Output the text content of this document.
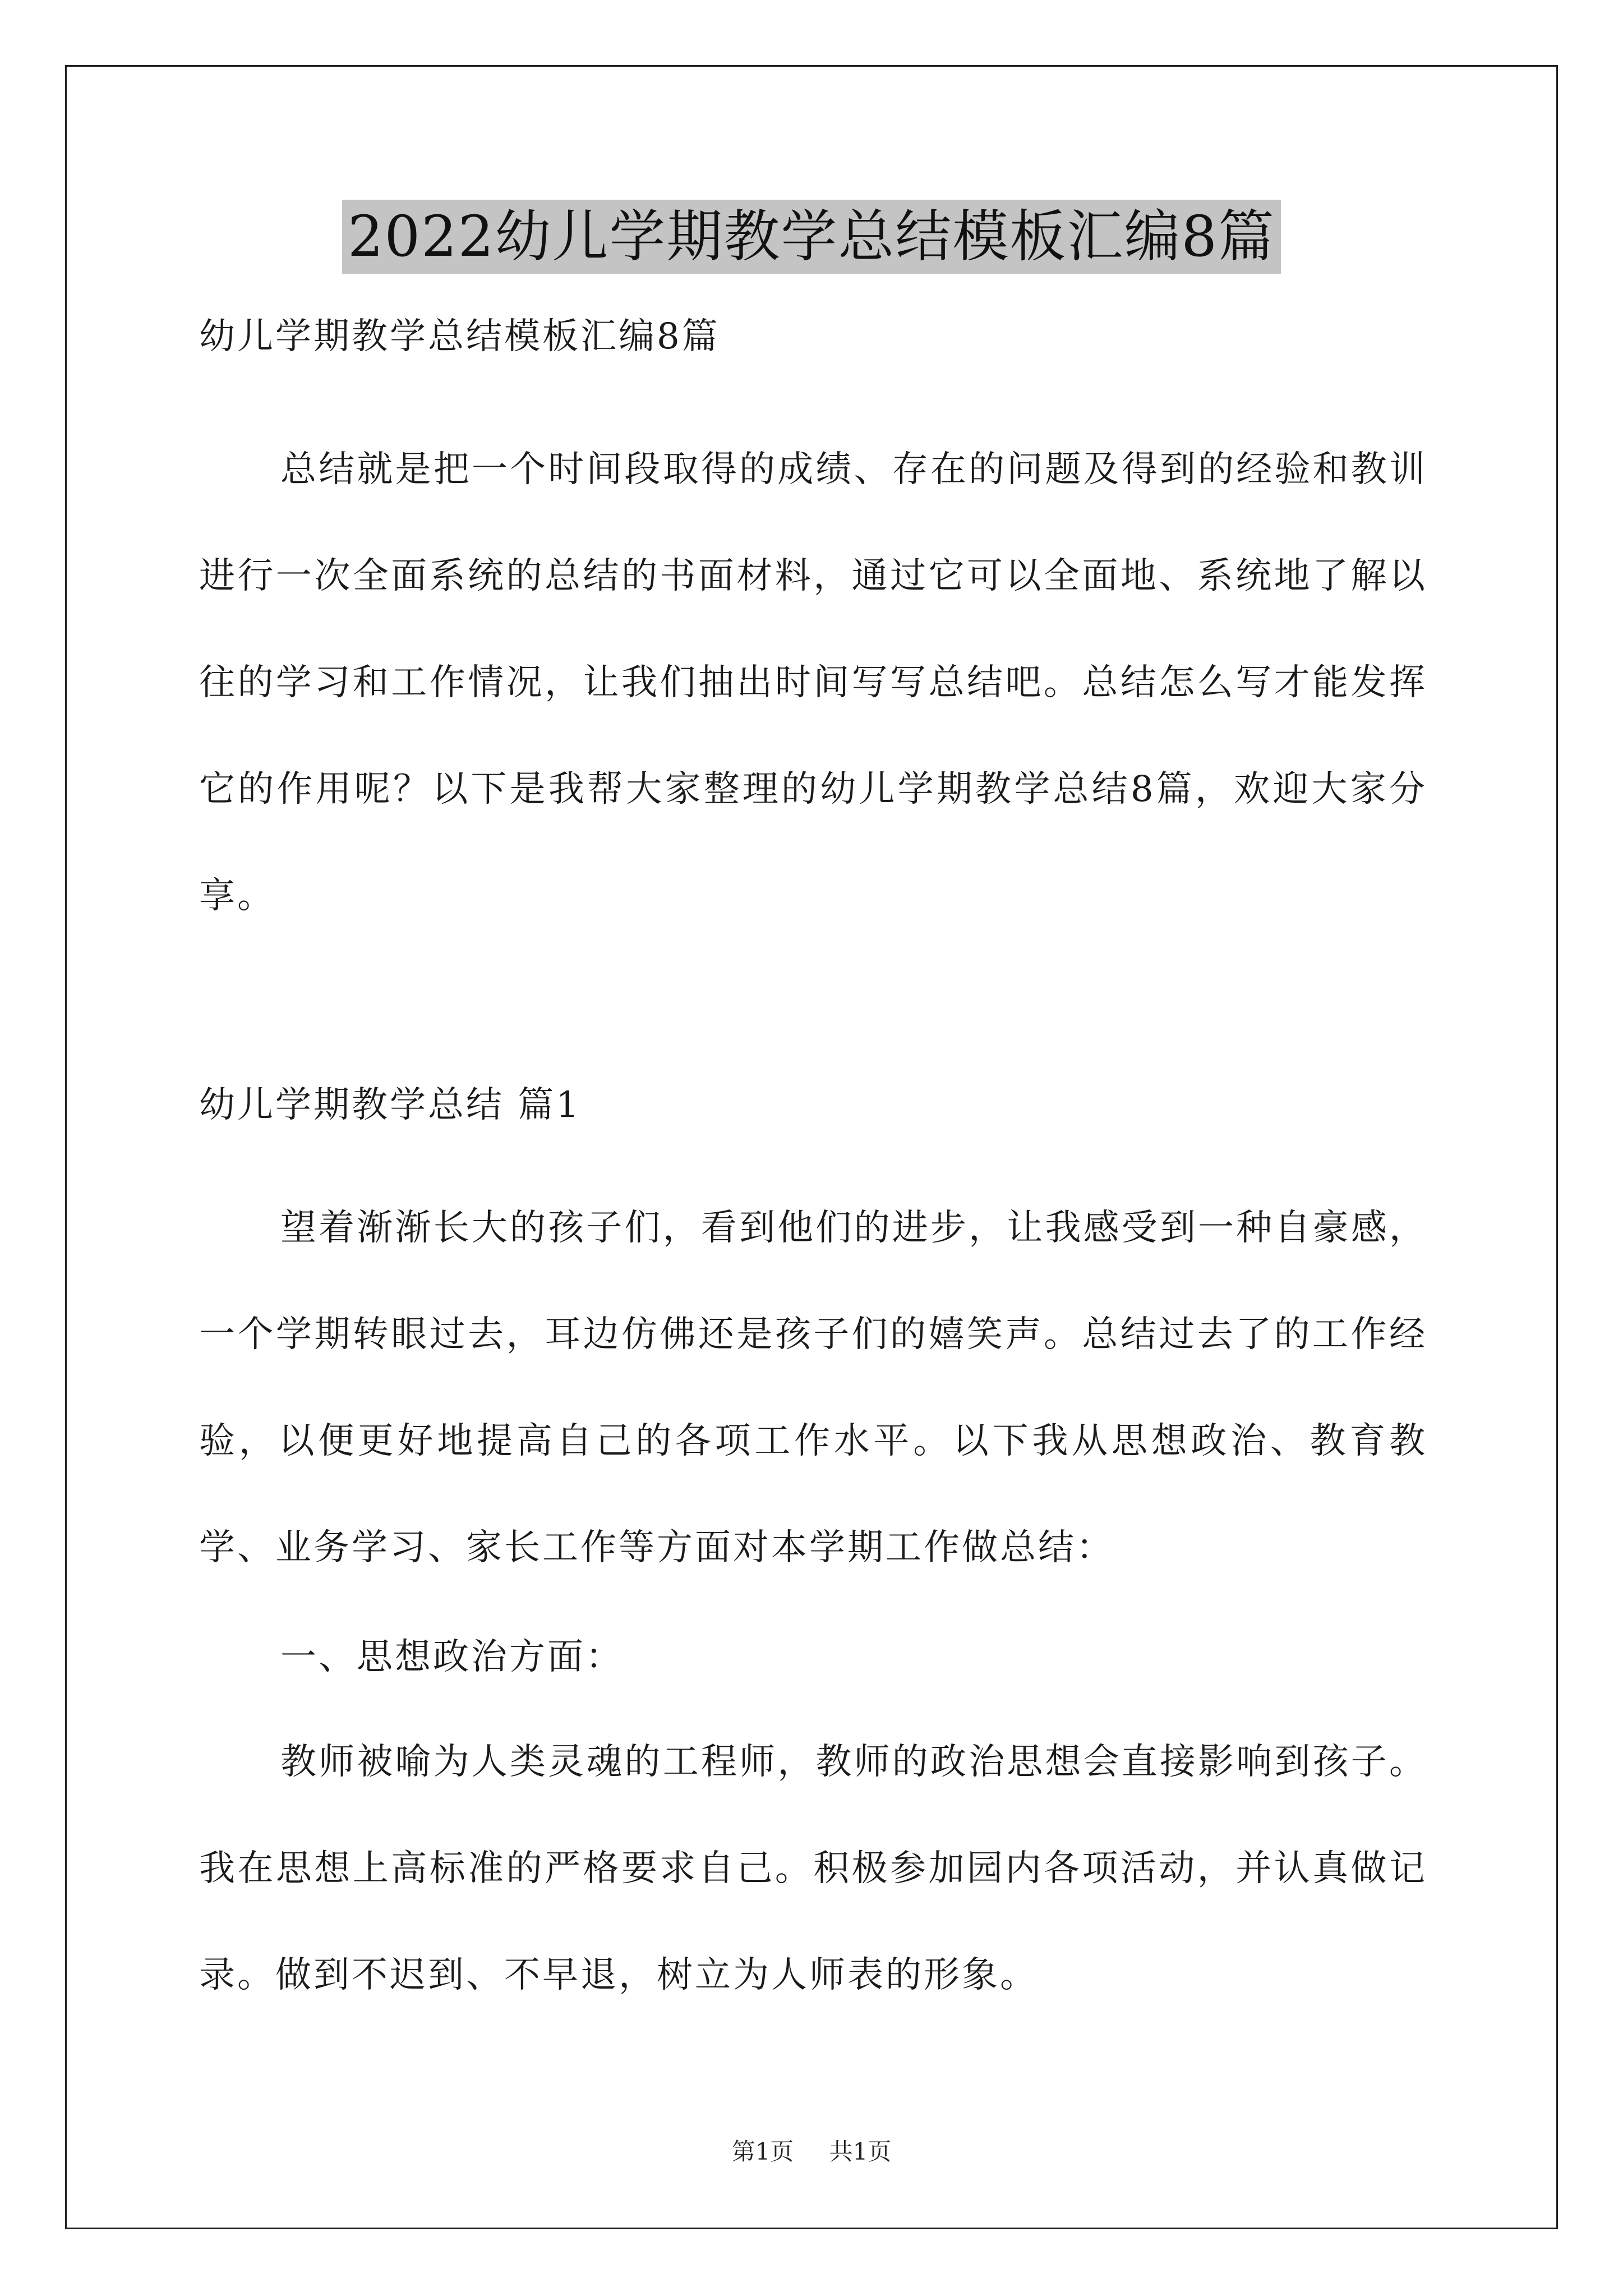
2022幼儿学期教学总结模板汇编8篇
幼儿学期教学总结模板汇编8篇
总结就是把一个时间段取得的成绩、存在的问题及得到的经验和教训进行一次全面系统的总结的书面材料，通过它可以全面地、系统地了解以往的学习和工作情况，让我们抽出时间写写总结吧。总结怎么写才能发挥它的作用呢？以下是我帮大家整理的幼儿学期教学总结8篇，欢迎大家分享。
幼儿学期教学总结 篇1
望着渐渐长大的孩子们，看到他们的进步，让我感受到一种自豪感，一个学期转眼过去，耳边仿佛还是孩子们的嬉笑声。总结过去了的工作经验，以便更好地提高自己的各项工作水平。以下我从思想政治、教育教学、业务学习、家长工作等方面对本学期工作做总结：
一、思想政治方面：
教师被喻为人类灵魂的工程师，教师的政治思想会直接影响到孩子。我在思想上高标准的严格要求自己。积极参加园内各项活动，并认真做记录。做到不迟到、不早退，树立为人师表的形象。
第1页 共1页
